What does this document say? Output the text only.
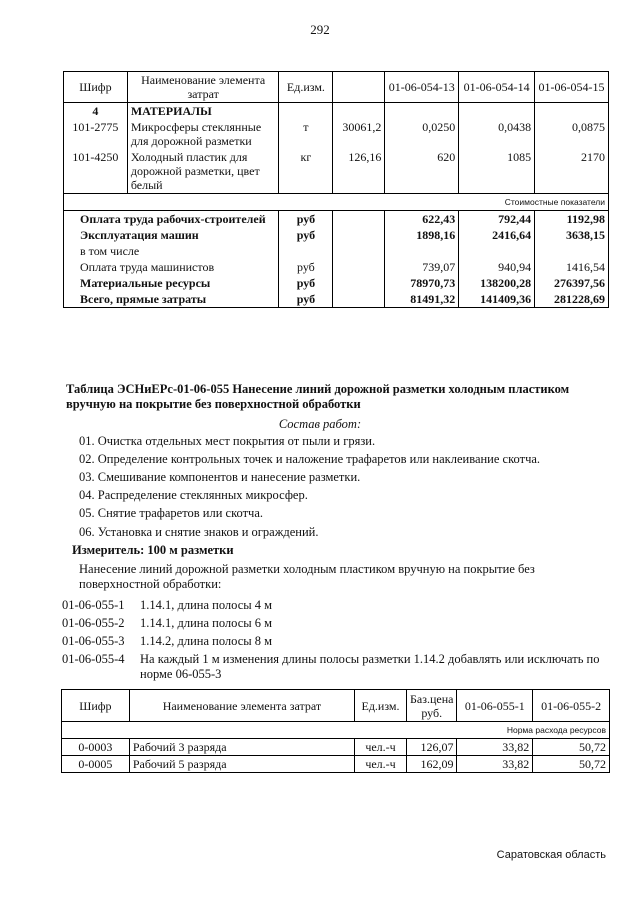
292
Шифр	Наименование элемента затрат	Ед.изм.		01-06-054-13	01-06-054-14	01-06-054-15
4	МАТЕРИАЛЫ					
101-2775	Микросферы стеклянные для дорожной разметки	т	30061,2	0,0250	0,0438	0,0875
101-4250	Холодный пластик для дорожной разметки, цвет белый	кг	126,16	620	1085	2170
Стоимостные показатели						
Оплата труда рабочих-строителей		руб		622,43	792,44	1192,98
Эксплуатация машин		руб		1898,16	2416,64	3638,15
в том числе						
Оплата труда машинистов		руб		739,07	940,94	1416,54
Материальные ресурсы		руб		78970,73	138200,28	276397,56
Всего, прямые затраты		руб		81491,32	141409,36	281228,69
Таблица ЭСНиЕРс-01-06-055 Нанесение линий дорожной разметки холодным пластиком вручную на покрытие без поверхностной обработки
Состав работ:
01. Очистка отдельных мест покрытия от пыли и грязи.
02. Определение контрольных точек и наложение трафаретов или наклеивание скотча.
03. Смешивание компонентов и нанесение разметки.
04. Распределение стеклянных микросфер.
05. Снятие трафаретов или скотча.
06. Установка и снятие знаков и ограждений.
Измеритель: 100 м разметки
Нанесение линий дорожной разметки холодным пластиком вручную на покрытие без поверхностной обработки:
01-06-055-1 1.14.1, длина полосы 4 м
01-06-055-2 1.14.1, длина полосы 6 м
01-06-055-3 1.14.2, длина полосы 8 м
01-06-055-4	На каждый 1 м изменения длины полосы разметки 1.14.2 добавлять или исключать по норме 06-055-3
Шифр	Наименование элемента затрат	Ед.изм.	Баз.цена руб.	01-06-055-1	01-06-055-2
Норма расхода ресурсов					
0-0003	Рабочий 3 разряда	чел.-ч	126,07	33,82	50,72
0-0005	Рабочий 5 разряда	чел.-ч	162,09	33,82	50,72
Саратовская область
